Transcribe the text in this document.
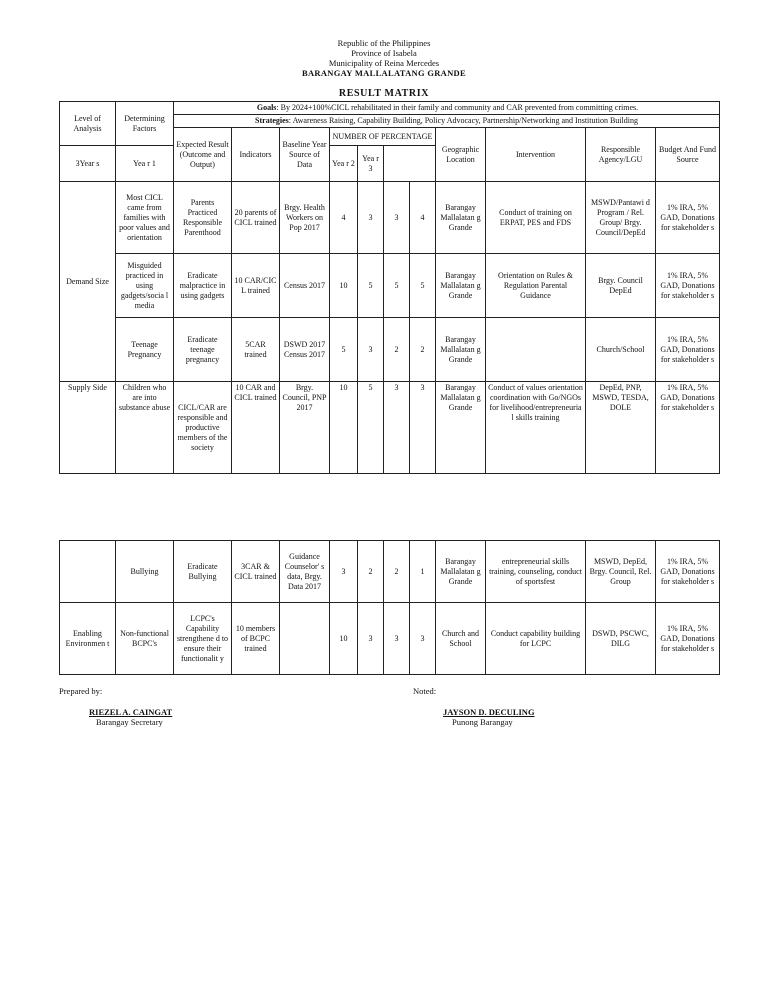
Republic of the Philippines
Province of Isabela
Municipality of Reina Mercedes
BARANGAY MALLALATANG GRANDE
RESULT MATRIX
Level of Analysis	Determining Factors	Goals: By 2024+100%CICL rehabilitated in their family and community and CAR prevented from committing crimes.										
		Strategies: Awareness Raising, Capability Building, Policy Advocacy, Partnership/Networking and Institution Building										
		Expected Result (Outcome and Output)	Indicators	Baseline Year Source of Data	NUMBER OF PERCENTAGE				Geographic Location	Intervention	Responsible Agency/LGU	Budget And Fund Source
3Year s	Yea r 1				Yea r 2	Yea r 3						
Demand Size	Most CICL came from families with poor values and orientation	Parents Practiced Responsible Parenthood	20 parents of CICL trained	Brgy. Health Workers on Pop 2017	4	3	3	4	Barangay Mallalatan g Grande	Conduct of training on ERPAT, PES and FDS	MSWD/Pantawi d Program / Rel. Group/ Brgy. Council/DepEd	1% IRA, 5% GAD, Donations for stakeholder s
	Misguided practiced in using gadgets/socia l media	Eradicate malpractice in using gadgets	10 CAR/CIC L trained	Census 2017	10	5	5	5	Barangay Mallalatan g Grande	Orientation on Rules & Regulation Parental Guidance	Brgy. Council DepEd	1% IRA, 5% GAD, Donations for stakeholder s
	Teenage Pregnancy	Eradicate teenage pregnancy	5CAR trained	DSWD 2017 Census 2017	5	3	2	2	Barangay Mallalatan g Grande		Church/School	1% IRA, 5% GAD, Donations for stakeholder s
Supply Side	Children who are into substance abuse	CICL/CAR are responsible and productive members of the society	10 CAR and CICL trained	Brgy. Council, PNP 2017	10	5	3	3	Barangay Mallalatan g Grande	Conduct of values orientation coordination with Go/NGOs for livelihood/entrepreneuria l skills training	DepEd, PNP, MSWD, TESDA, DOLE	1% IRA, 5% GAD, Donations for stakeholder s
	Bullying	Eradicate Bullying	3CAR & CICL trained	Guidance Counselor' s data, Brgy. Data 2017	3	2	2	1	Barangay Mallalatan g Grande	entrepreneurial skills training, counseling, conduct of sportsfest	MSWD, DepEd, Brgy. Council, Rel. Group	1% IRA, 5% GAD, Donations for stakeholder s
Enabling Environmen t	Non-functional BCPC's	LCPC's Capability strengthene d to ensure their functionalit y	10 members of BCPC trained		10	3	3	3	Church and School	Conduct capability building for LCPC	DSWD, PSCWC, DILG	1% IRA, 5% GAD, Donations for stakeholder s
Prepared by:	Noted:
RIEZEL A. CAINGAT
Barangay Secretary
JAYSON D. DECULING
Punong Barangay
